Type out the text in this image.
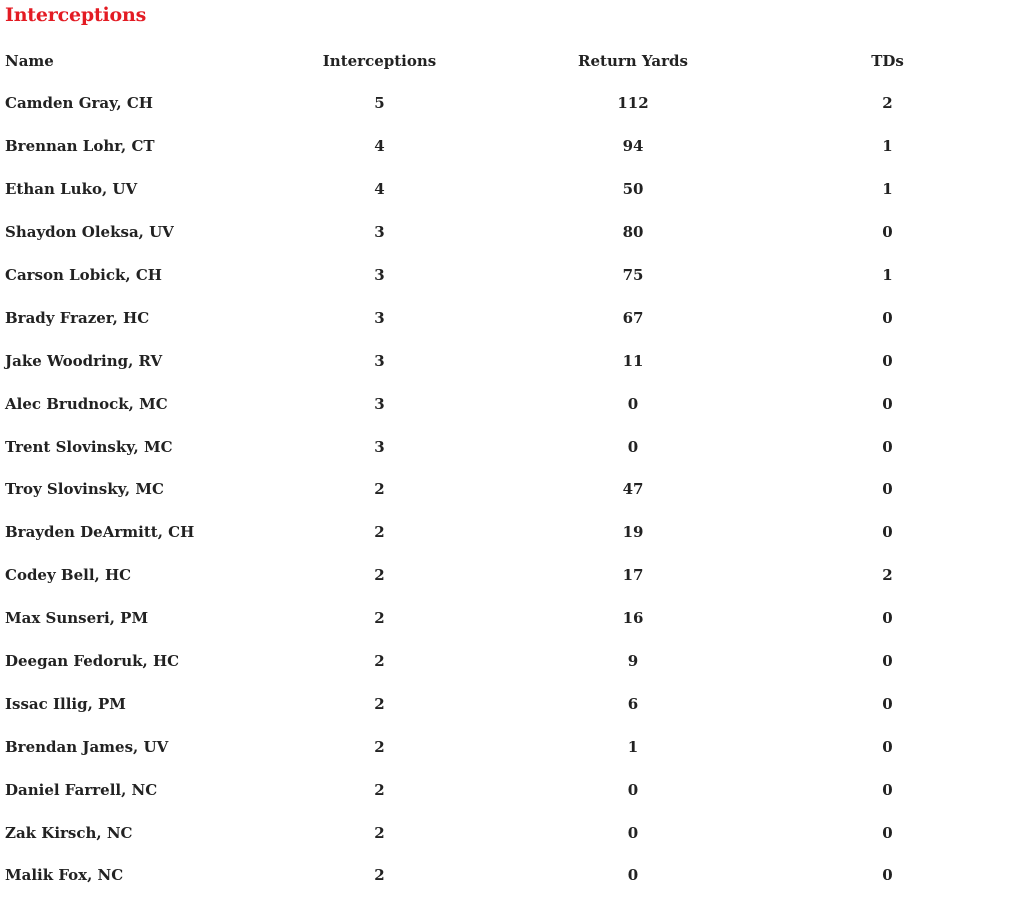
Interceptions
Name	Interceptions	Return Yards	TDs
Camden Gray, CH	5	112	2
Brennan Lohr, CT	4	94	1
Ethan Luko, UV	4	50	1
Shaydon Oleksa, UV	3	80	0
Carson Lobick, CH	3	75	1
Brady Frazer, HC	3	67	0
Jake Woodring, RV	3	11	0
Alec Brudnock, MC	3	0	0
Trent Slovinsky, MC	3	0	0
Troy Slovinsky, MC	2	47	0
Brayden DeArmitt, CH	2	19	0
Codey Bell, HC	2	17	2
Max Sunseri, PM	2	16	0
Deegan Fedoruk, HC	2	9	0
Issac Illig, PM	2	6	0
Brendan James, UV	2	1	0
Daniel Farrell, NC	2	0	0
Zak Kirsch, NC	2	0	0
Malik Fox, NC	2	0	0
